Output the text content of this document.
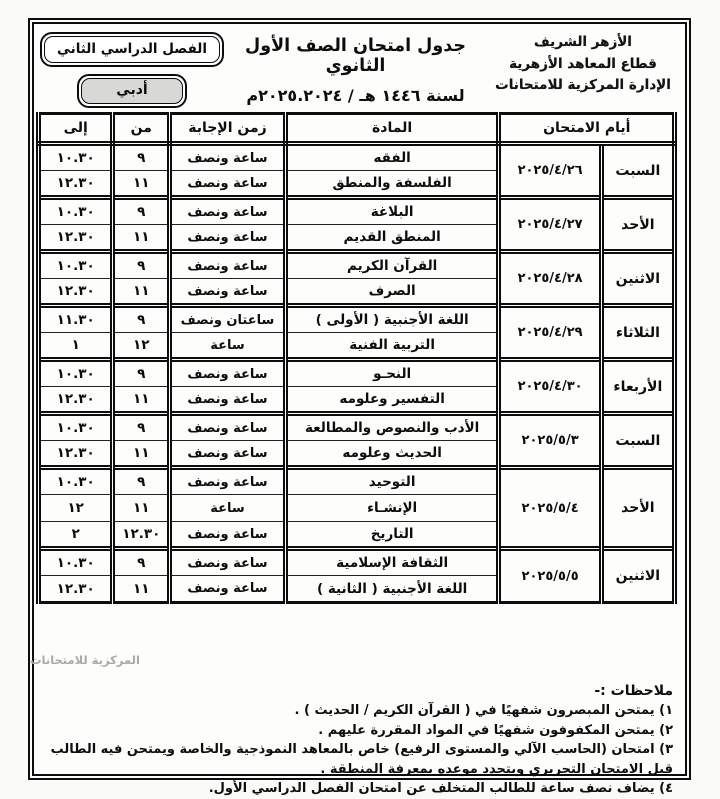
الأزهر الشريف
قطاع المعاهد الأزهرية
الإدارة المركزية للامتحانات
جدول امتحان الصف الأول الثانوي
لسنة ١٤٤٦ هـ / ٢٠٢٥.٢٠٢٤م
الفصل الدراسي الثاني
أدبي
أيام الامتحان		المادة	زمن الإجابة	من	إلى
السبت	٢٠٢٥/٤/٢٦	الفقه	ساعة ونصف	٩	١٠.٣٠
		الفلسفة والمنطق	ساعة ونصف	١١	١٢.٣٠
الأحد	٢٠٢٥/٤/٢٧	البلاغة	ساعة ونصف	٩	١٠.٣٠
		المنطق القديم	ساعة ونصف	١١	١٢.٣٠
الاثنين	٢٠٢٥/٤/٢٨	القرآن الكريم	ساعة ونصف	٩	١٠.٣٠
		الصرف	ساعة ونصف	١١	١٢.٣٠
الثلاثاء	٢٠٢٥/٤/٢٩	اللغة الأجنبية ( الأولى )	ساعتان ونصف	٩	١١.٣٠
		التربية الفنية	ساعة	١٢	١
الأربعاء	٢٠٢٥/٤/٣٠	النحـو	ساعة ونصف	٩	١٠.٣٠
		التفسير وعلومه	ساعة ونصف	١١	١٢.٣٠
السبت	٢٠٢٥/٥/٣	الأدب والنصوص والمطالعة	ساعة ونصف	٩	١٠.٣٠
		الحديث وعلومه	ساعة ونصف	١١	١٢.٣٠
الأحد	٢٠٢٥/٥/٤	التوحيد	ساعة ونصف	٩	١٠.٣٠
		الإنشـاء	ساعة	١١	١٢
		التاريخ	ساعة ونصف	١٢.٣٠	٢
الاثنين	٢٠٢٥/٥/٥	الثقافة الإسلامية	ساعة ونصف	٩	١٠.٣٠
		اللغة الأجنبية ( الثانية )	ساعة ونصف	١١	١٢.٣٠
المركزية للامتحانات
ملاحظات :-
١) يمتحن المبصرون شفهيًا في ( القرآن الكريم / الحديث ) .
٢) يمتحن المكفوفون شفهيًا في المواد المقررة عليهم .
٣) امتحان (الحاسب الآلي والمستوى الرفيع) خاص بالمعاهد النموذجية والخاصة ويمتحن فيه الطالب قبل الامتحان التحريري ويتحدد موعده بمعرفة المنطقة .
٤) يضاف نصف ساعة للطالب المتخلف عن امتحان الفصل الدراسي الأول.
